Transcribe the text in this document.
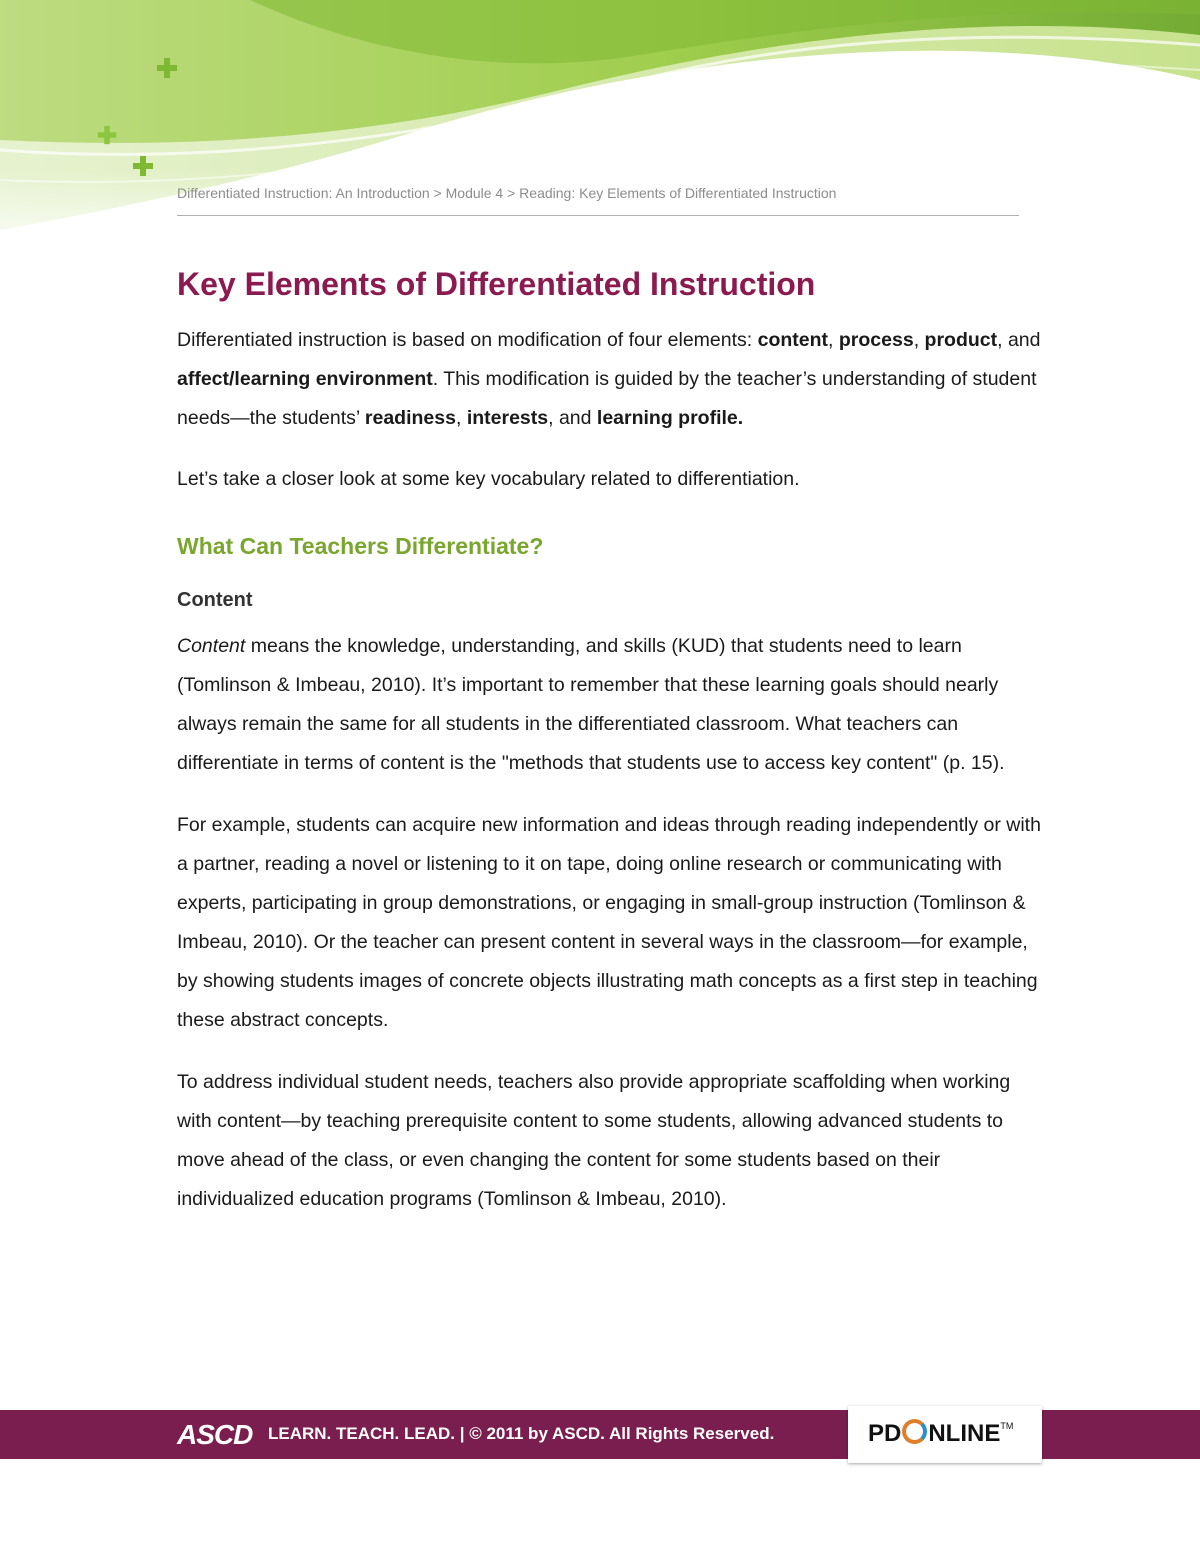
Differentiated Instruction: An Introduction > Module 4 > Reading: Key Elements of Differentiated Instruction
Key Elements of Differentiated Instruction

Differentiated instruction is based on modification of four elements: content, process, product, and affect/learning environment. This modification is guided by the teacher’s understanding of student needs—the students’ readiness, interests, and learning profile.

Let’s take a closer look at some key vocabulary related to differentiation.

What Can Teachers Differentiate?
Content

Content means the knowledge, understanding, and skills (KUD) that students need to learn (Tomlinson & Imbeau, 2010). It’s important to remember that these learning goals should nearly always remain the same for all students in the differentiated classroom. What teachers can differentiate in terms of content is the "methods that students use to access key content" (p. 15).

For example, students can acquire new information and ideas through reading independently or with a partner, reading a novel or listening to it on tape, doing online research or communicating with experts, participating in group demonstrations, or engaging in small-group instruction (Tomlinson & Imbeau, 2010). Or the teacher can present content in several ways in the classroom—for example, by showing students images of concrete objects illustrating math concepts as a first step in teaching these abstract concepts.

To address individual student needs, teachers also provide appropriate scaffolding when working with content—by teaching prerequisite content to some students, allowing advanced students to move ahead of the class, or even changing the content for some students based on their individualized education programs (Tomlinson & Imbeau, 2010).

ASCD LEARN. TEACH. LEAD. | © 2011 by ASCD. All Rights Reserved.	PD NLINE™
